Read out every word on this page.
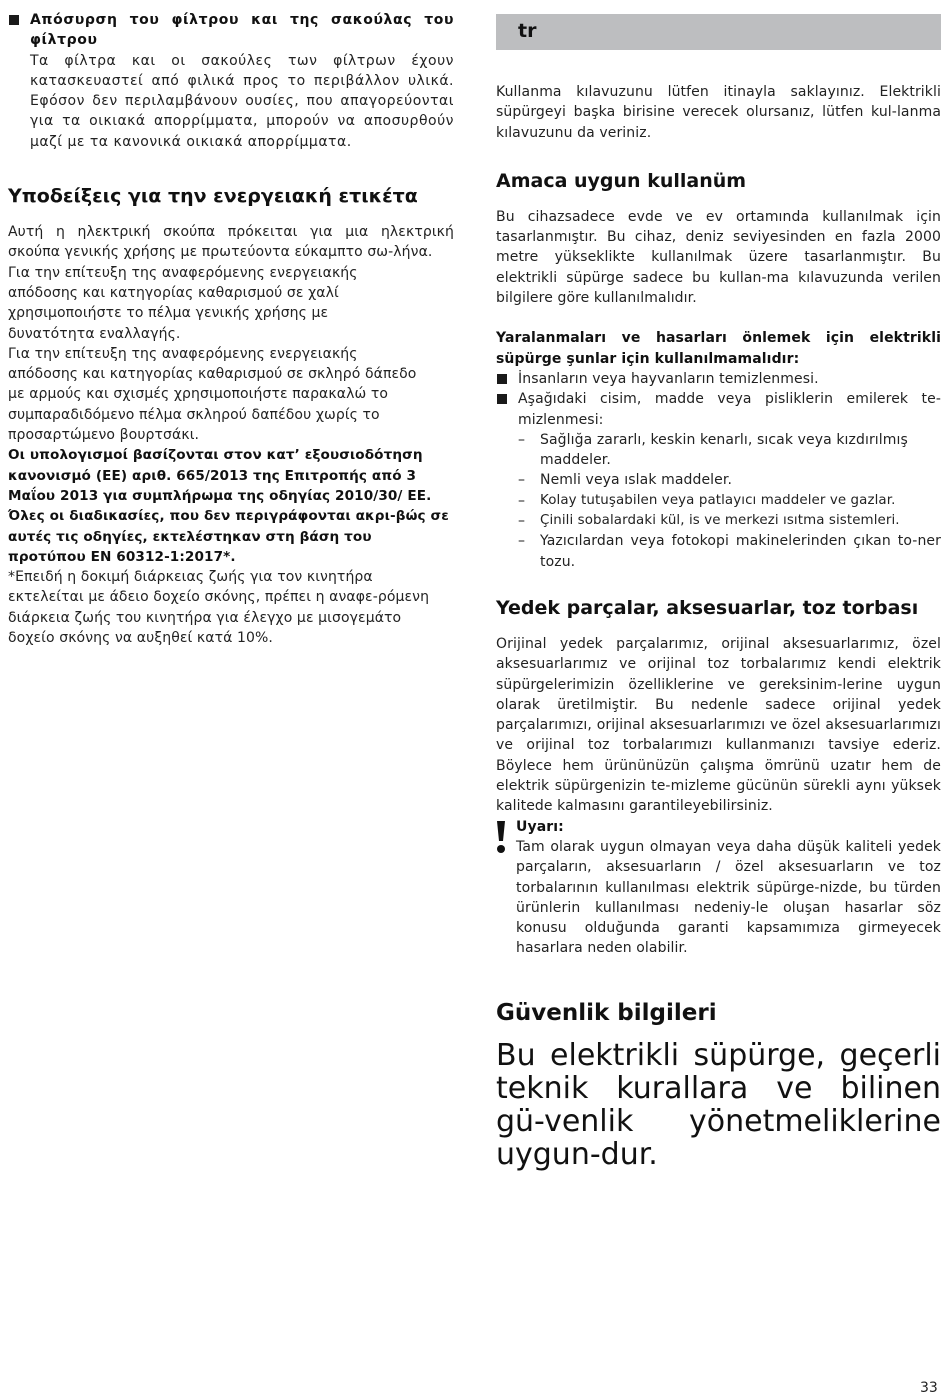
Απόσυρση του φίλτρου και της σακούλας του φίλτρου

Τα φίλτρα και οι σακούλες των φίλτρων έχουν κατασκευαστεί από φιλικά προς το περιβάλλον υλικά. Εφόσον δεν περιλαμβάνουν ουσίες, που απαγορεύονται για τα οικιακά απορρίμματα, μπορούν να αποσυρθούν μαζί με τα κανονικά οικιακά απορρίμματα.

Υποδείξεις για την ενεργειακή ετικέτα

Αυτή η ηλεκτρική σκούπα πρόκειται για μια ηλεκτρική σκούπα γενικής χρήσης με πρωτεύοντα εύκαμπτο σω-λήνα.

Για την επίτευξη της αναφερόμενης ενεργειακής απόδοσης και κατηγορίας καθαρισμού σε χαλί χρησιμοποιήστε το πέλμα γενικής χρήσης με δυνατότητα εναλλαγής.

Για την επίτευξη της αναφερόμενης ενεργειακής απόδοσης και κατηγορίας καθαρισμού σε σκληρό δάπεδο με αρμούς και σχισμές χρησιμοποιήστε παρακαλώ το συμπαραδιδόμενο πέλμα σκληρού δαπέδου χωρίς το προσαρτώμενο βουρτσάκι.

Οι υπολογισμοί βασίζονται στον κατ’ εξουσιοδότηση κανονισμό (ΕΕ) αριθ. 665/2013 της Επιτροπής από 3 Μαΐου 2013 για συμπλήρωμα της οδηγίας 2010/30/ ΕΕ. Όλες οι διαδικασίες, που δεν περιγράφονται ακρι-βώς σε αυτές τις οδηγίες, εκτελέστηκαν στη βάση του προτύπου EN 60312-1:2017*.

*Επειδή η δοκιμή διάρκειας ζωής για τον κινητήρα εκτελείται με άδειο δοχείο σκόνης, πρέπει η αναφε-ρόμενη διάρκεια ζωής του κινητήρα για έλεγχο με μισογεμάτο δοχείο σκόνης να αυξηθεί κατά 10%.

tr

Kullanma kılavuzunu lütfen itinayla saklayınız. Elektrikli süpürgeyi başka birisine verecek olursanız, lütfen kul-lanma kılavuzunu da veriniz.

Amaca uygun kullanüm

Bu cihazsadece evde ve ev ortamında kullanılmak için tasarlanmıştır. Bu cihaz, deniz seviyesinden en fazla 2000 metre yükseklikte kullanılmak üzere tasarlanmıştır. Bu elektrikli süpürge sadece bu kullan-ma kılavuzunda verilen bilgilere göre kullanılmalıdır.

Yaralanmaları ve hasarları önlemek için elektrikli süpürge şunlar için kullanılmamalıdır:

İnsanların veya hayvanların temizlenmesi.

Aşağıdaki cisim, madde veya pisliklerin emilerek te-mizlenmesi:

– Sağlığa zararlı, keskin kenarlı, sıcak veya kızdırılmış maddeler.

– Nemli veya ıslak maddeler.

– Kolay tutuşabilen veya patlayıcı maddeler ve gazlar.

– Çinili sobalardaki kül, is ve merkezi ısıtma sistemleri.

– Yazıcılardan veya fotokopi makinelerinden çıkan to-ner tozu.

Yedek parçalar, aksesuarlar, toz torbası

Orijinal yedek parçalarımız, orijinal aksesuarlarımız, özel aksesuarlarımız ve orijinal toz torbalarımız kendi elektrik süpürgelerimizin özelliklerine ve gereksinim-lerine uygun olarak üretilmiştir. Bu nedenle sadece orijinal yedek parçalarımızı, orijinal aksesuarlarımızı ve özel aksesuarlarımızı ve orijinal toz torbalarımızı kullanmanızı tavsiye ederiz. Böylece hem ürününüzün çalışma ömrünü uzatır hem de elektrik süpürgenizin te-mizleme gücünün sürekli aynı yüksek kalitede kalmasını garantileyebilirsiniz.

Uyarı:

Tam olarak uygun olmayan veya daha düşük kaliteli yedek parçaların, aksesuarların / özel aksesuarların ve toz torbalarının kullanılması elektrik süpürge-nizde, bu türden ürünlerin kullanılması nedeniy-le oluşan hasarlar söz konusu olduğunda garanti kapsamımıza girmeyecek hasarlara neden olabilir.

Güvenlik bilgileri

Bu elektrikli süpürge, geçerli teknik kurallara ve bilinen gü-venlik yönetmeliklerine uygun-dur.

33
